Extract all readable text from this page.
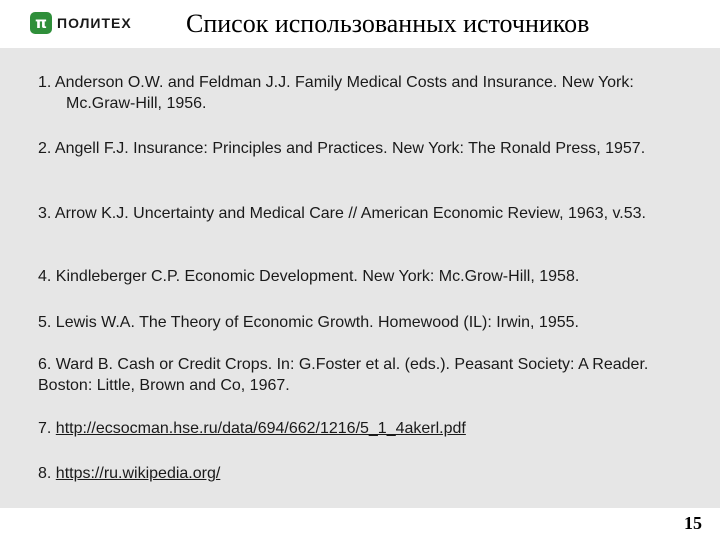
π ПОЛИТЕХ Список использованных источников
1. Anderson O.W. and Feldman J.J. Family Medical Costs and Insurance. New York: Mc.Graw-Hill, 1956.
2. Angell F.J. Insurance: Principles and Practices. New York: The Ronald Press, 1957.
3. Arrow K.J. Uncertainty and Medical Care // American Economic Review, 1963, v.53.
4. Kindleberger C.P. Economic Development. New York: Mc.Grow-Hill, 1958.
5. Lewis W.A. The Theory of Economic Growth. Homewood (IL): Irwin, 1955.
6. Ward B. Cash or Credit Crops. In: G.Foster et al. (eds.). Peasant Society: A Reader. Boston: Little, Brown and Co, 1967.
7. http://ecsocman.hse.ru/data/694/662/1216/5_1_4akerl.pdf
8. https://ru.wikipedia.org/
15
